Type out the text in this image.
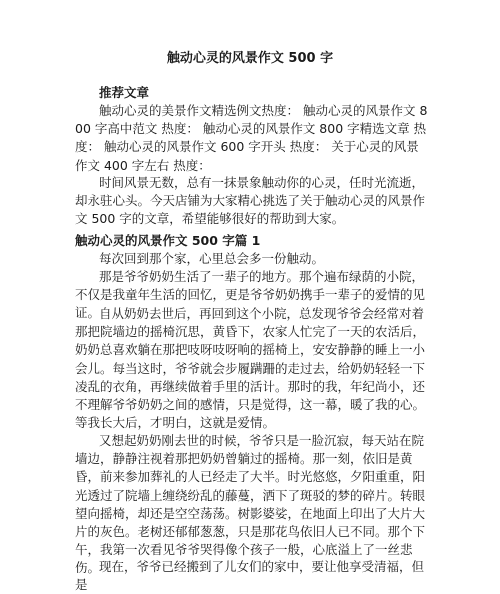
触动心灵的风景作文 500 字
推荐文章

触动心灵的美景作文精选例文热度： 触动心灵的风景作文 800 字高中范文 热度： 触动心灵的风景作文 800 字精选文章 热度： 触动心灵的风景作文 600 字开头 热度： 关于心灵的风景作文 400 字左右 热度：

时间风景无数，总有一抹景象触动你的心灵，任时光流逝，却永驻心头。今天店铺为大家精心挑选了关于触动心灵的风景作文 500 字的文章，希望能够很好的帮助到大家。

触动心灵的风景作文 500 字篇 1

每次回到那个家，心里总会多一份触动。

那是爷爷奶奶生活了一辈子的地方。那个遍布绿荫的小院，不仅是我童年生活的回忆，更是爷爷奶奶携手一辈子的爱情的见证。

自从奶奶去世后，再回到这个小院，总发现爷爷会经常对着那把院墙边的摇椅沉思，黄昏下，农家人忙完了一天的农活后，奶奶总喜欢躺在那把吱呀吱呀响的摇椅上，安安静静的睡上一小会儿。每当这时，爷爷就会步履蹒跚的走过去，给奶奶轻轻一下凌乱的衣角，再继续做着手里的活计。那时的我，年纪尚小，还不理解爷爷奶奶之间的感情，只是觉得，这一幕，暖了我的心。等我长大后，才明白，这就是爱情。

又想起奶奶刚去世的时候，爷爷只是一脸沉寂，每天站在院墙边，静静注视着那把奶奶曾躺过的摇椅。那一刻，依旧是黄昏，前来参加葬礼的人已经走了大半。时光悠悠，夕阳重重，阳光透过了院墙上缠绕纷乱的藤蔓，洒下了斑驳的梦的碎片。转眼望向摇椅，却还是空空荡荡。树影婆娑，在地面上印出了大片大片的灰色。老树还郁郁葱葱，只是那花鸟依旧人已不同。那个下午，我第一次看见爷爷哭得像个孩子一般，心底溢上了一丝悲伤。

现在，爷爷已经搬到了儿女们的家中，要让他享受清福，但是
